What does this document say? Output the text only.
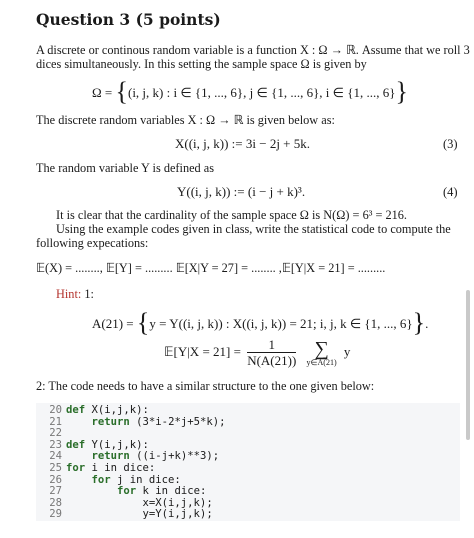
Question 3 (5 points)
A discrete or continous random variable is a function X : Ω → ℝ. Assume that we roll 3
dices simultaneously. In this setting the sample space Ω is given by
Ω = {(i, j, k) : i ∈ {1, ..., 6}, j ∈ {1, ..., 6}, i ∈ {1, ..., 6}}
The discrete random variables X : Ω → ℝ is given below as:
X((i, j, k)) := 3i − 2j + 5k.	(3)
The random variable Y is defined as
Y((i, j, k)) := (i − j + k)³.	(4)
It is clear that the cardinality of the sample space Ω is N(Ω) = 6³ = 216.
Using the example codes given in class, write the statistical code to compute the
following expecations:
𝔼(X) = ........, 𝔼[Y] = ......... 𝔼[X|Y = 27] = ........ ,𝔼[Y|X = 21] = .........
Hint: 1:
A(21) = {y = Y((i, j, k)) : X((i, j, k)) = 21; i, j, k ∈ {1, ..., 6}}.
𝔼[Y|X = $21] = \frac{1}{N(A(21))}$
∑
y∈A(21)
y
2: The code needs to have a similar structure to the one given below:
20 def X(i,j,k):
21	return (3*i-2*j+5*k);
22
23 def Y(i,j,k):
24	return ((i-j+k)**3);
25 for i in dice:
26	for j in dice:
27	for k in dice:
28            x=X(i,j,k);
29            y=Y(i,j,k);
